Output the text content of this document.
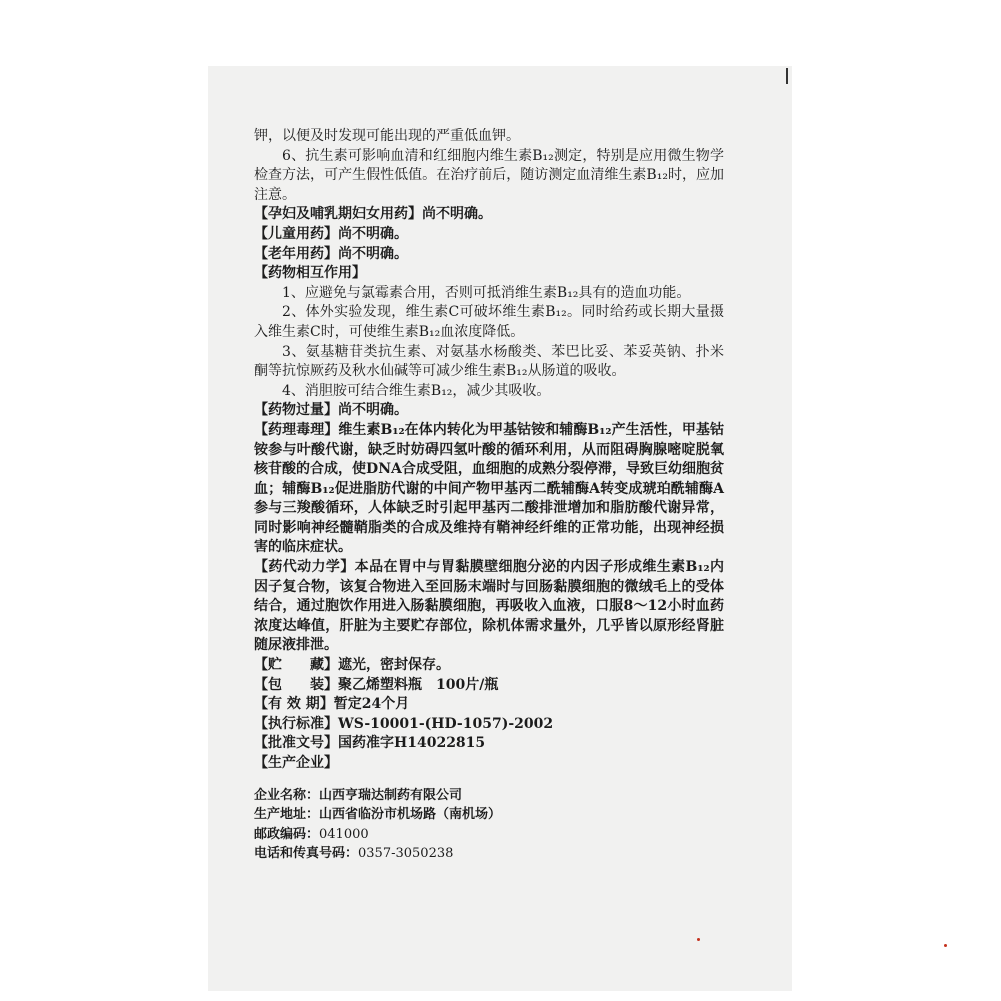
钾，以便及时发现可能出现的严重低血钾。

6、抗生素可影响血清和红细胞内维生素B₁₂测定，特别是应用微生物学检查方法，可产生假性低值。在治疗前后，随访测定血清维生素B₁₂时，应加注意。

【孕妇及哺乳期妇女用药】尚不明确。

【儿童用药】尚不明确。

【老年用药】尚不明确。

【药物相互作用】

1、应避免与氯霉素合用，否则可抵消维生素B₁₂具有的造血功能。

2、体外实验发现，维生素C可破坏维生素B₁₂。同时给药或长期大量摄入维生素C时，可使维生素B₁₂血浓度降低。

3、氨基糖苷类抗生素、对氨基水杨酸类、苯巴比妥、苯妥英钠、扑米酮等抗惊厥药及秋水仙碱等可减少维生素B₁₂从肠道的吸收。

4、消胆胺可结合维生素B₁₂，减少其吸收。

【药物过量】尚不明确。

【药理毒理】维生素B₁₂在体内转化为甲基钴铵和辅酶B₁₂产生活性，甲基钴铵参与叶酸代谢，缺乏时妨碍四氢叶酸的循环利用，从而阻碍胸腺嘧啶脱氧核苷酸的合成，使DNA合成受阻，血细胞的成熟分裂停滞，导致巨幼细胞贫血；辅酶B₁₂促进脂肪代谢的中间产物甲基丙二酰辅酶A转变成琥珀酰辅酶A参与三羧酸循环，人体缺乏时引起甲基丙二酸排泄增加和脂肪酸代谢异常，同时影响神经髓鞘脂类的合成及维持有鞘神经纤维的正常功能，出现神经损害的临床症状。

【药代动力学】本品在胃中与胃黏膜壁细胞分泌的内因子形成维生素B₁₂内因子复合物，该复合物进入至回肠末端时与回肠黏膜细胞的微绒毛上的受体结合，通过胞饮作用进入肠黏膜细胞，再吸收入血液，口服8～12小时血药浓度达峰值，肝脏为主要贮存部位，除机体需求量外，几乎皆以原形经肾脏随尿液排泄。

【贮　　藏】遮光，密封保存。

【包　　装】聚乙烯塑料瓶　100片/瓶

【有 效 期】暂定24个月

【执行标准】WS-10001-(HD-1057)-2002

【批准文号】国药准字H14022815

【生产企业】

企业名称：山西亨瑞达制药有限公司
生产地址：山西省临汾市机场路（南机场）
邮政编码：041000
电话和传真号码：0357-3050238
